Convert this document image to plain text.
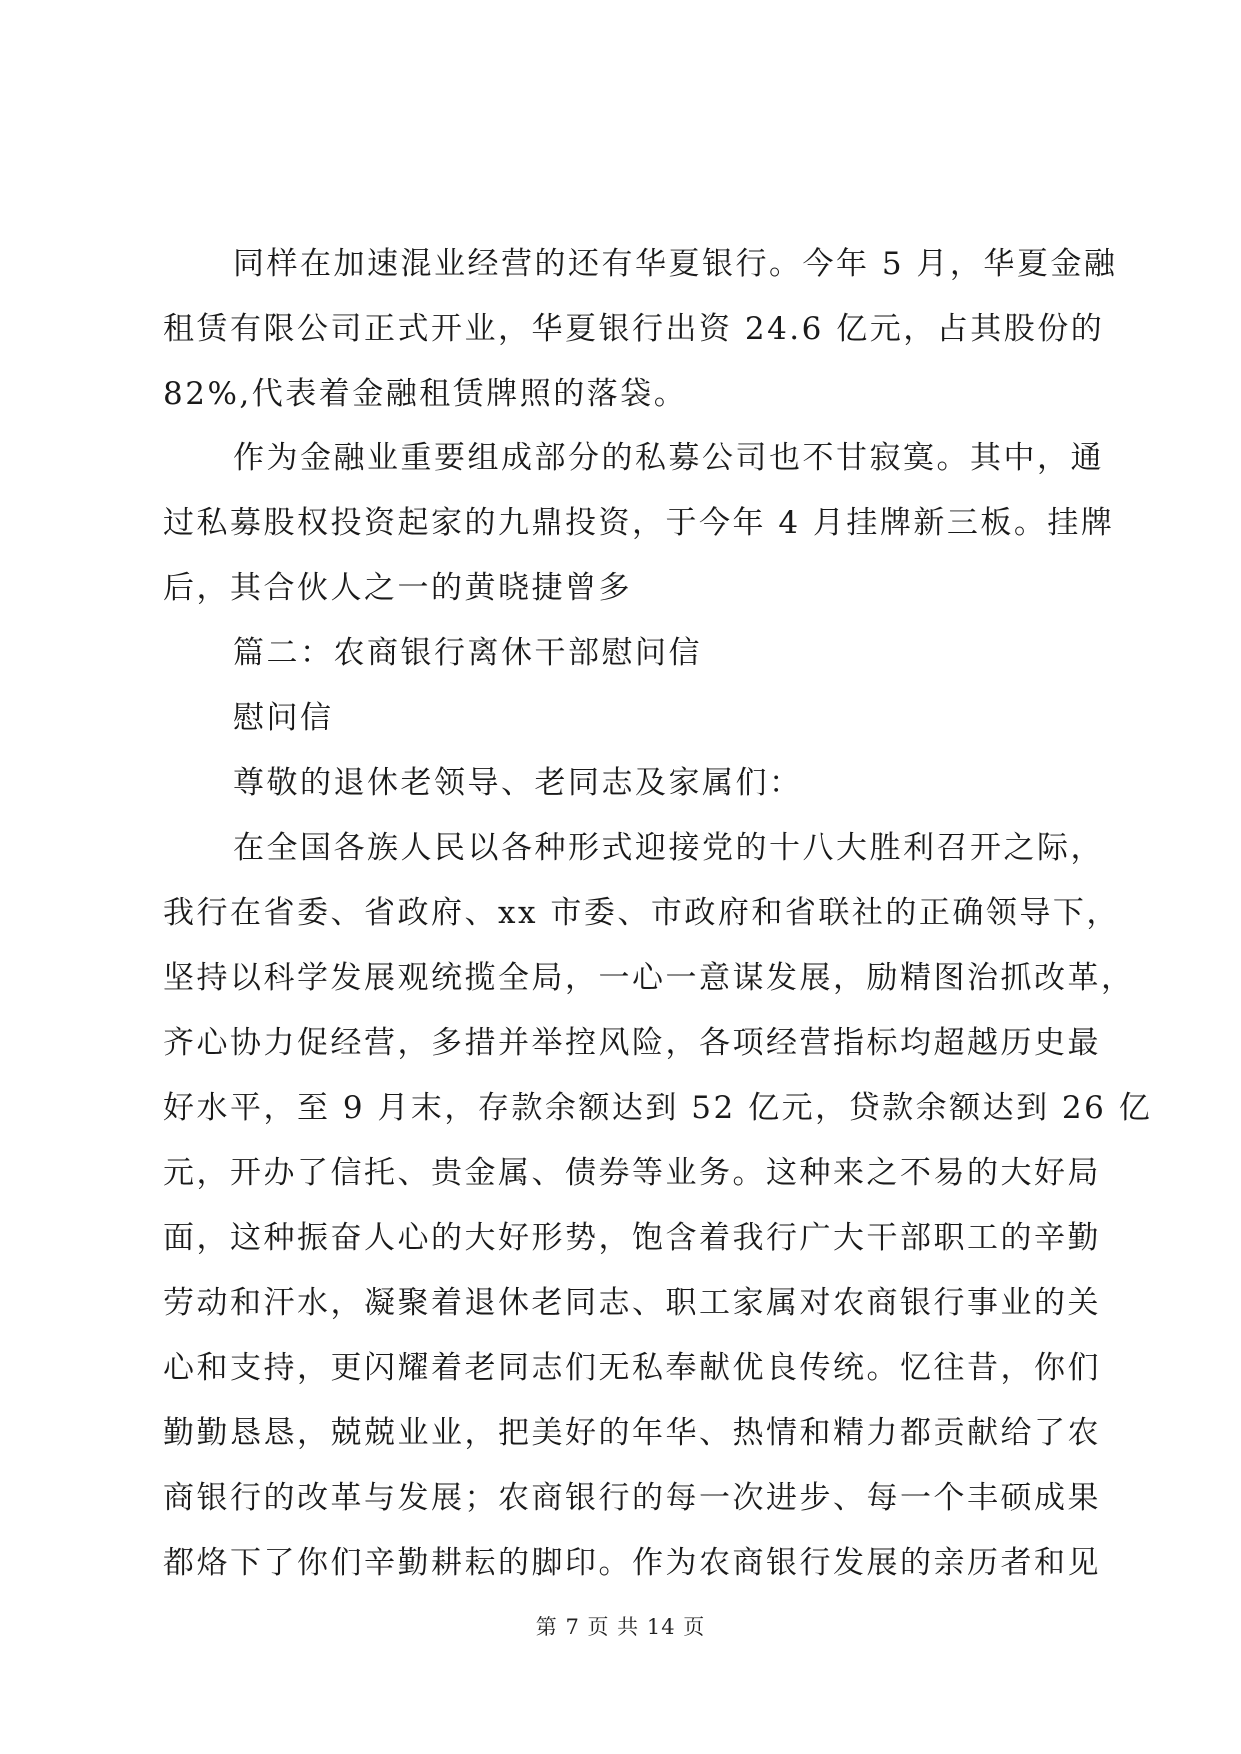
同样在加速混业经营的还有华夏银行。今年 5 月，华夏金融
租赁有限公司正式开业，华夏银行出资 24.6 亿元，占其股份的
82%,代表着金融租赁牌照的落袋。
作为金融业重要组成部分的私募公司也不甘寂寞。其中，通
过私募股权投资起家的九鼎投资，于今年 4 月挂牌新三板。挂牌
后，其合伙人之一的黄晓捷曾多
篇二：农商银行离休干部慰问信
慰问信
尊敬的退休老领导、老同志及家属们：
在全国各族人民以各种形式迎接党的十八大胜利召开之际，
我行在省委、省政府、xx 市委、市政府和省联社的正确领导下，
坚持以科学发展观统揽全局，一心一意谋发展，励精图治抓改革，
齐心协力促经营，多措并举控风险，各项经营指标均超越历史最
好水平，至 9 月末，存款余额达到 52 亿元，贷款余额达到 26 亿
元，开办了信托、贵金属、债券等业务。这种来之不易的大好局
面，这种振奋人心的大好形势，饱含着我行广大干部职工的辛勤
劳动和汗水，凝聚着退休老同志、职工家属对农商银行事业的关
心和支持，更闪耀着老同志们无私奉献优良传统。忆往昔，你们
勤勤恳恳，兢兢业业，把美好的年华、热情和精力都贡献给了农
商银行的改革与发展；农商银行的每一次进步、每一个丰硕成果
都烙下了你们辛勤耕耘的脚印。作为农商银行发展的亲历者和见
第 7 页 共 14 页
